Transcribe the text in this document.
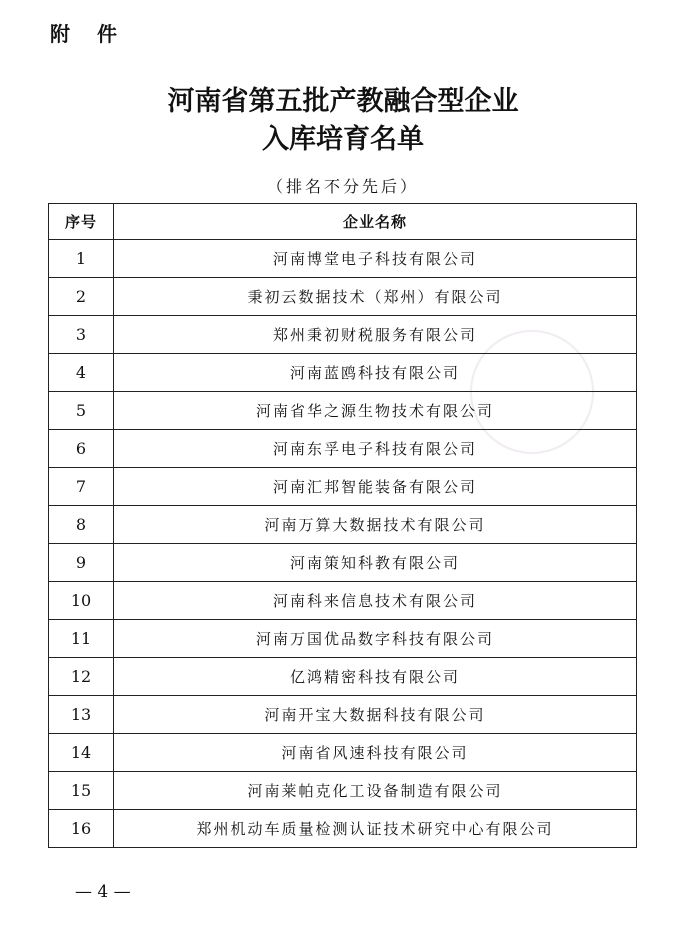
附 件
河南省第五批产教融合型企业
入库培育名单
（排名不分先后）
序号	企业名称
1	河南博堂电子科技有限公司
2	秉初云数据技术（郑州）有限公司
3	郑州秉初财税服务有限公司
4	河南蓝鸥科技有限公司
5	河南省华之源生物技术有限公司
6	河南东孚电子科技有限公司
7	河南汇邦智能装备有限公司
8	河南万算大数据技术有限公司
9	河南策知科教有限公司
10	河南科来信息技术有限公司
11	河南万国优品数字科技有限公司
12	亿鸿精密科技有限公司
13	河南开宝大数据科技有限公司
14	河南省风速科技有限公司
15	河南莱帕克化工设备制造有限公司
16	郑州机动车质量检测认证技术研究中心有限公司
— 4 —
